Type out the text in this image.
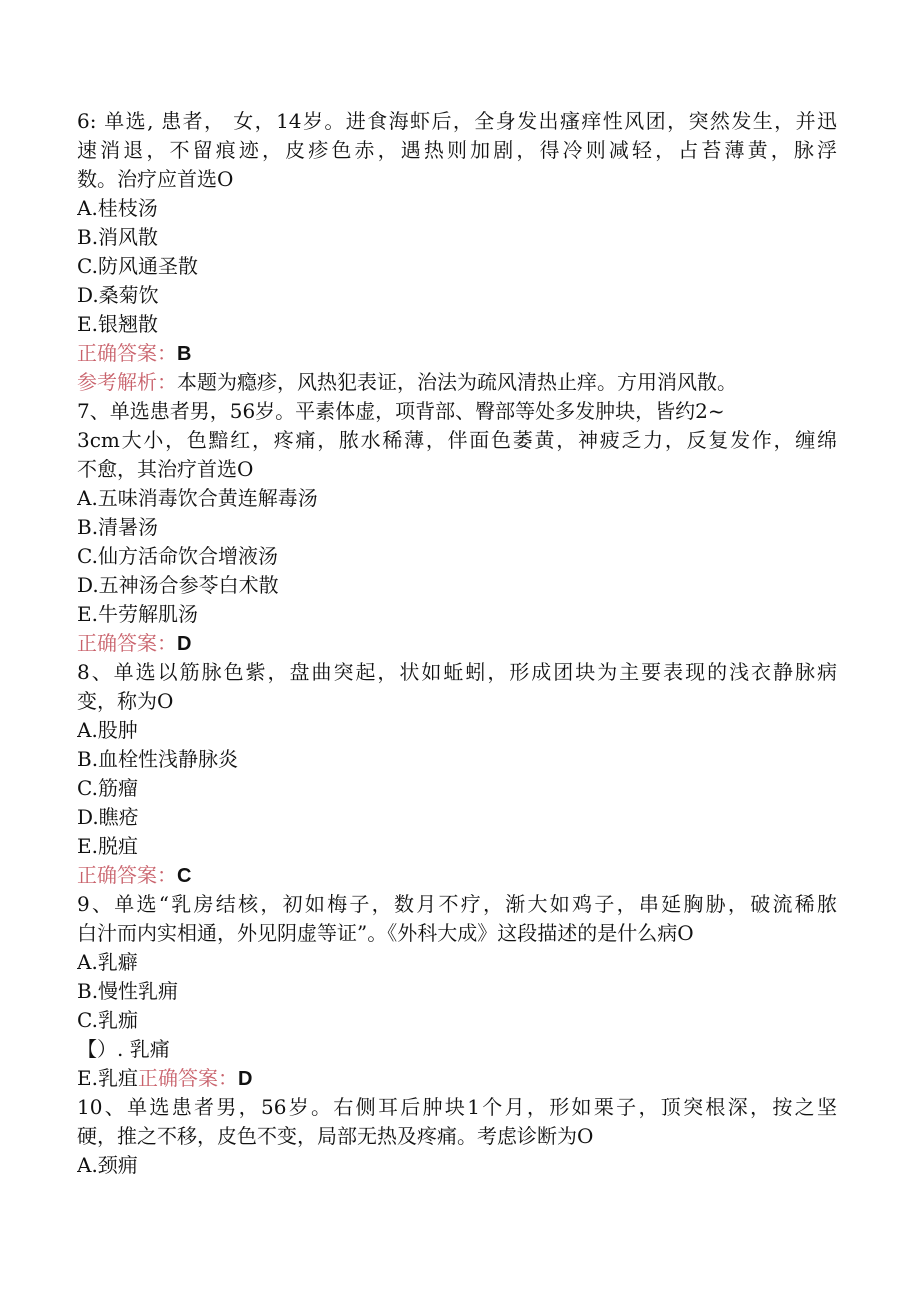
6: 单选, 患者， 女，14岁。进食海虾后，全身发出瘙痒性风团，突然发生，并迅
速消退，不留痕迹，皮疹色赤，遇热则加剧，得冷则减轻，占苔薄黄，脉浮
数。治疗应首选O
A.桂枝汤
B.消风散
C.防风通圣散
D.桑菊饮
E.银翘散
正确答案：B
参考解析：本题为瘾疹，风热犯表证，治法为疏风清热止痒。方用消风散。
7、单选患者男，56岁。平素体虚，项背部、臀部等处多发肿块，皆约2~
3cm大小，色黯红，疼痛，脓水稀薄，伴面色萎黄，神疲乏力，反复发作，缠绵
不愈，其治疗首选O
A.五味消毒饮合黄连解毒汤
B.清暑汤
C.仙方活命饮合增液汤
D.五神汤合参苓白术散
E.牛劳解肌汤
正确答案：D
8、单选以筋脉色紫，盘曲突起，状如蚯蚓，形成团块为主要表现的浅衣静脉病
变，称为O
A.股肿
B.血栓性浅静脉炎
C.筋瘤
D.瞧疮
E.脱疽
正确答案：C
9、单选“乳房结核，初如梅子，数月不疗，渐大如鸡子，串延胸胁，破流稀脓
白汁而内实相通，外见阴虚等证”。《外科大成》这段描述的是什么病O
A.乳癖
B.慢性乳痈
C.乳痂
【）. 乳痛
E.乳疽正确答案：D
10、单选患者男，56岁。右侧耳后肿块1个月，形如栗子，顶突根深，按之坚
硬，推之不移，皮色不变，局部无热及疼痛。考虑诊断为O
A.颈痈
